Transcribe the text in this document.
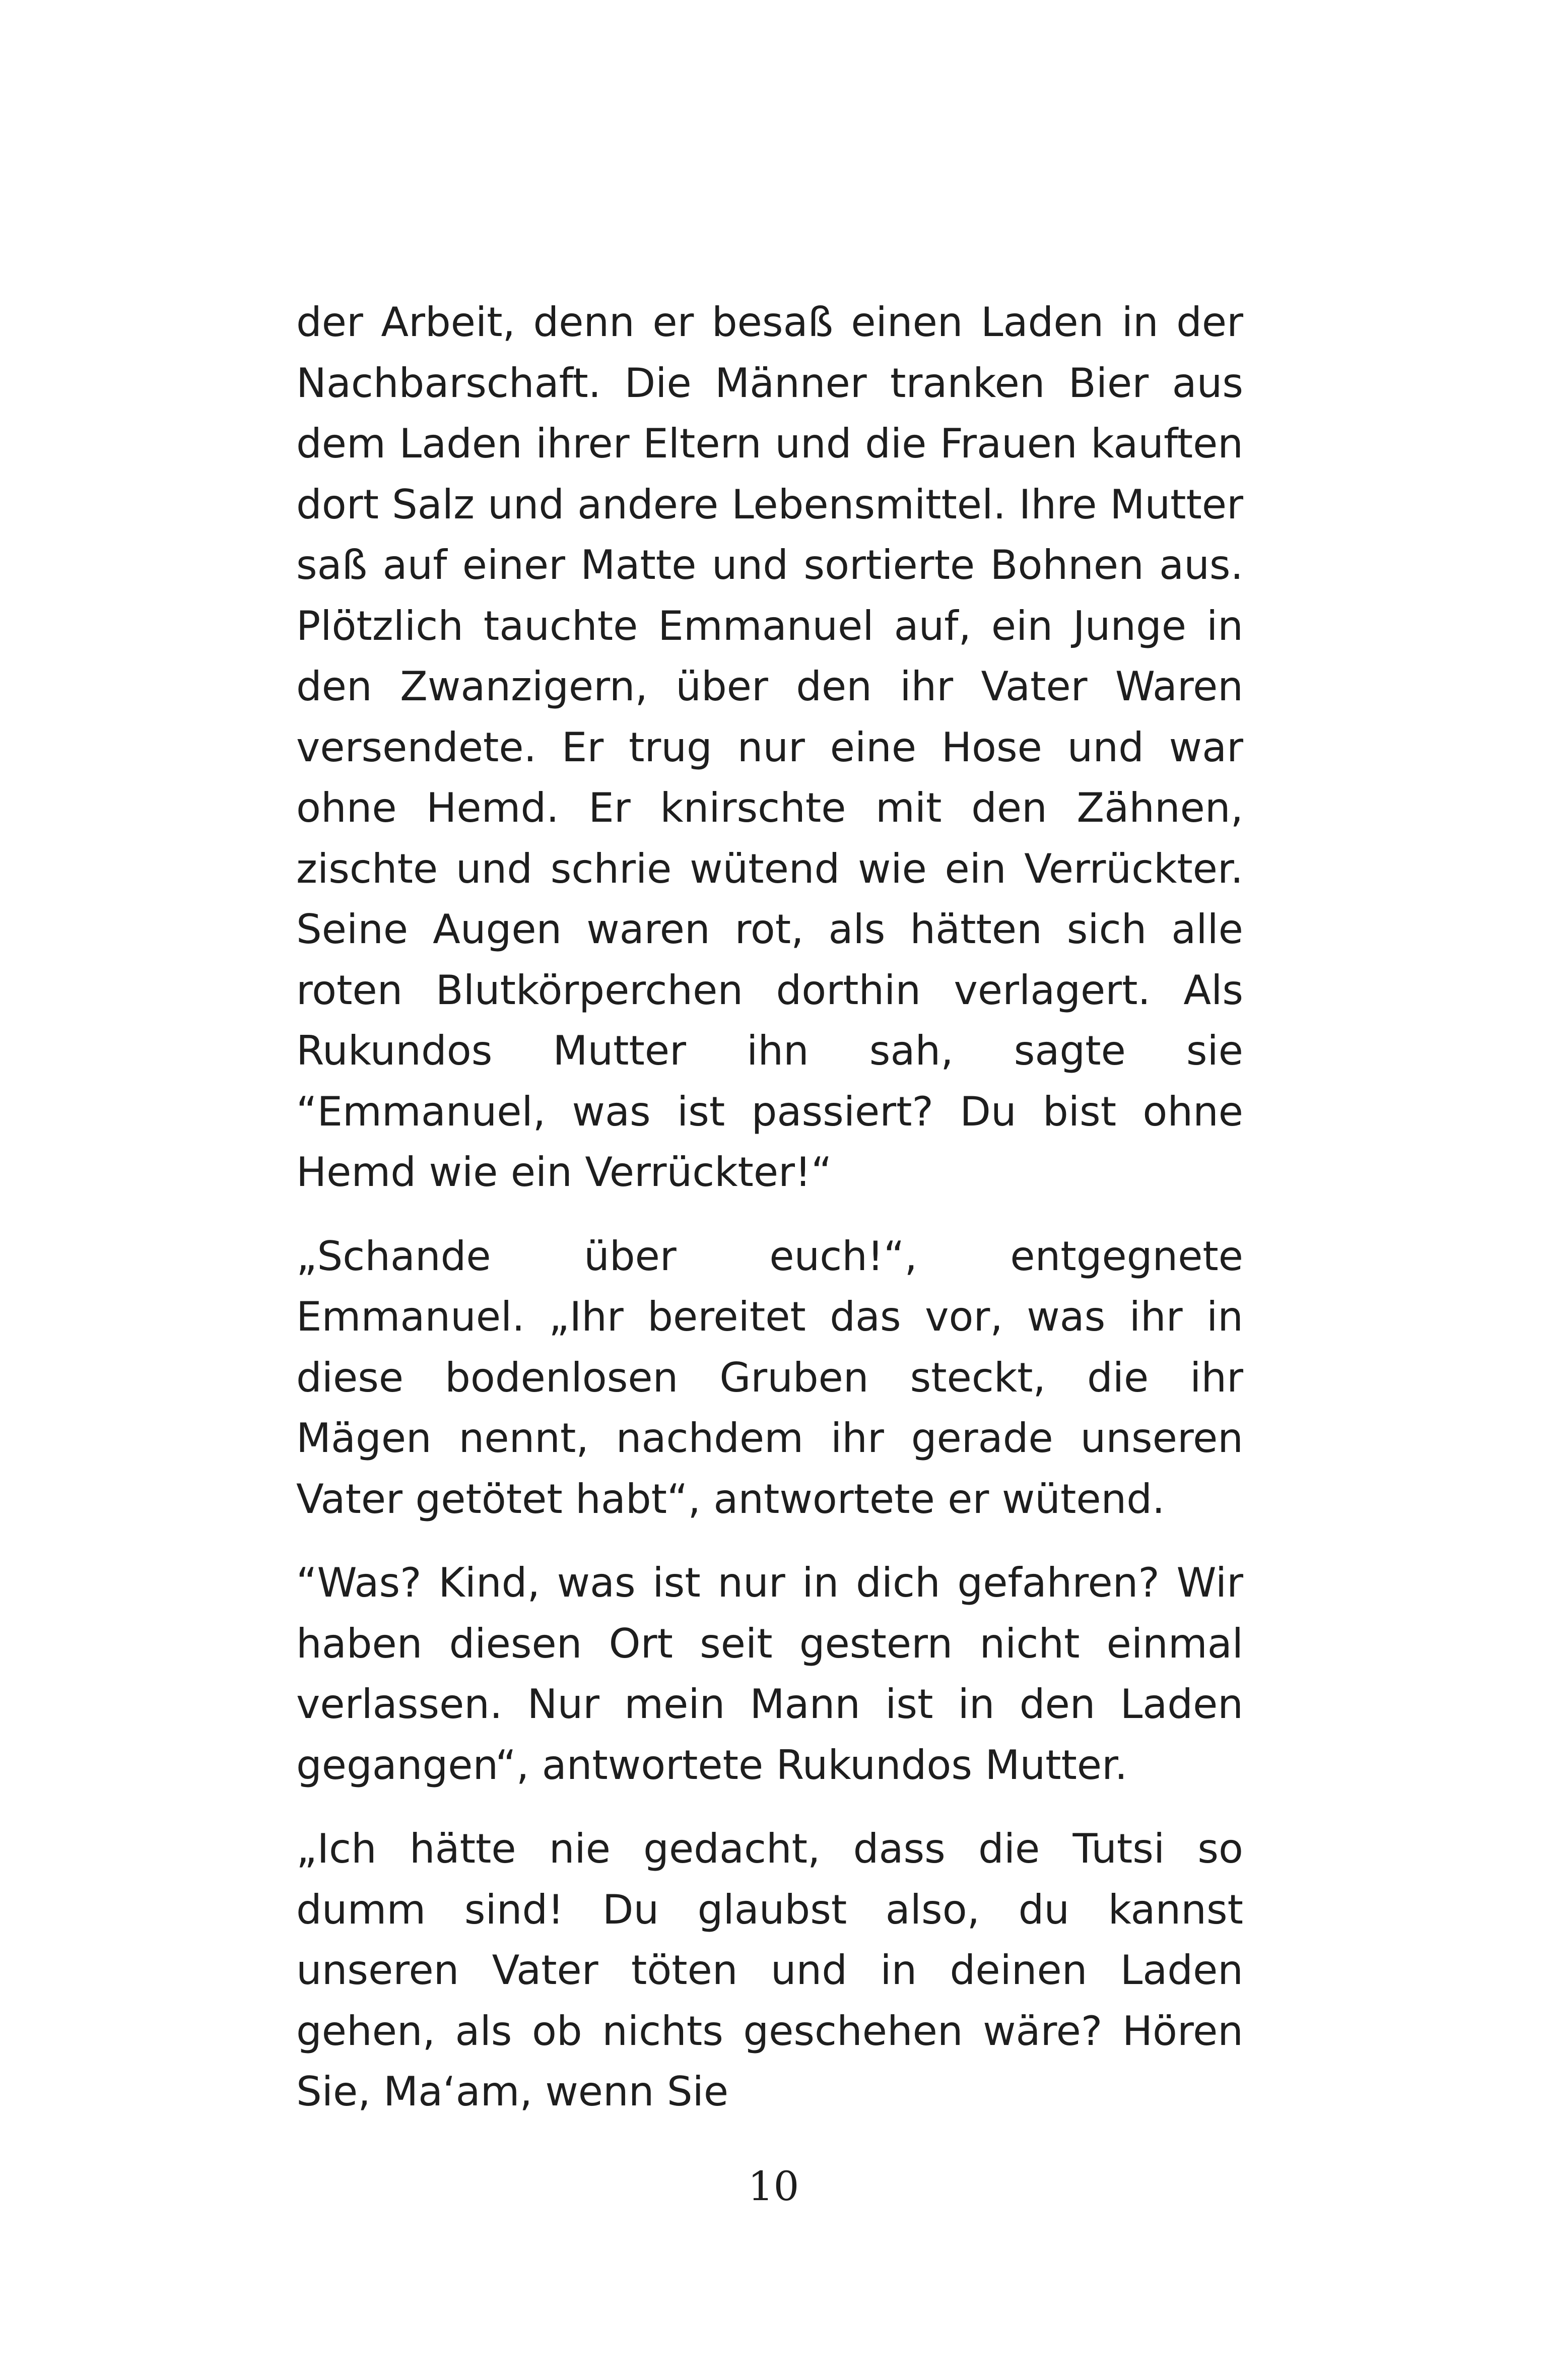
der Arbeit, denn er besaß einen Laden in der Nachbarschaft. Die Männer tranken Bier aus dem Laden ihrer Eltern und die Frauen kauften dort Salz und andere Lebensmittel. Ihre Mutter saß auf einer Matte und sortierte Bohnen aus. Plötzlich tauchte Emmanuel auf, ein Junge in den Zwanzigern, über den ihr Vater Waren versendete. Er trug nur eine Hose und war ohne Hemd. Er knirschte mit den Zähnen, zischte und schrie wütend wie ein Verrückter. Seine Augen waren rot, als hätten sich alle roten Blutkörperchen dorthin verlagert. Als Rukundos Mutter ihn sah, sagte sie “Emmanuel, was ist passiert? Du bist ohne Hemd wie ein Verrückter!“

„Schande über euch!“, entgegnete Emmanuel. „Ihr bereitet das vor, was ihr in diese bodenlosen Gruben steckt, die ihr Mägen nennt, nachdem ihr gerade unseren Vater getötet habt“, antwortete er wütend.

“Was? Kind, was ist nur in dich gefahren? Wir haben diesen Ort seit gestern nicht einmal verlassen. Nur mein Mann ist in den Laden gegangen“, antwortete Rukundos Mutter.

„Ich hätte nie gedacht, dass die Tutsi so dumm sind! Du glaubst also, du kannst unseren Vater töten und in deinen Laden gehen, als ob nichts geschehen wäre? Hören Sie, Ma‘am, wenn Sie

10
